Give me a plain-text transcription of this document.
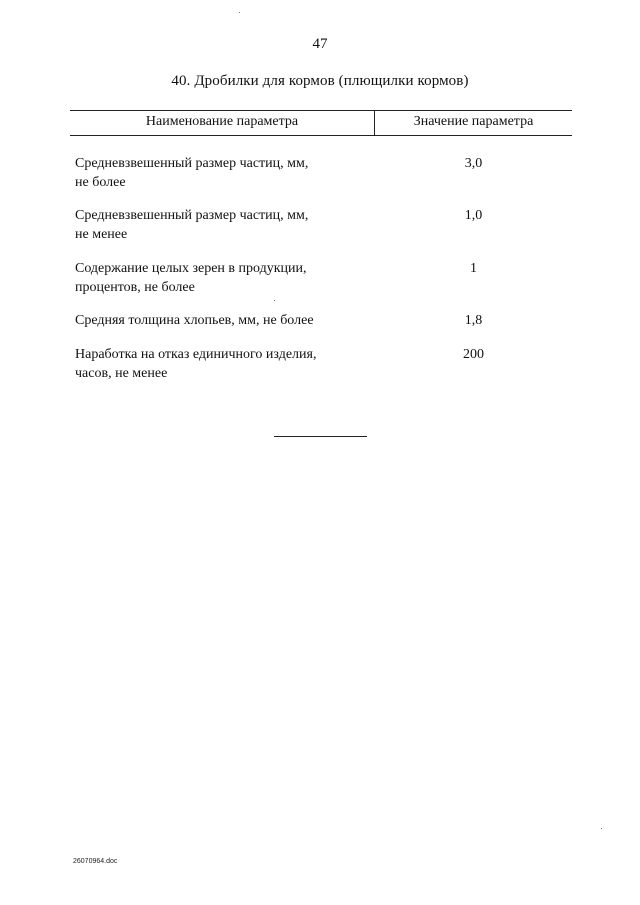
47
40. Дробилки для кормов (плющилки кормов)
Наименование параметра	Значение параметра
Средневзвешенный размер частиц, мм,
не более
3,0
Средневзвешенный размер частиц, мм,
не менее
1,0
Содержание целых зерен в продукции,
процентов, не более
1
Средняя толщина хлопьев, мм, не более	1,8
Наработка на отказ единичного изделия,
часов, не менее
200
26070964.doc
